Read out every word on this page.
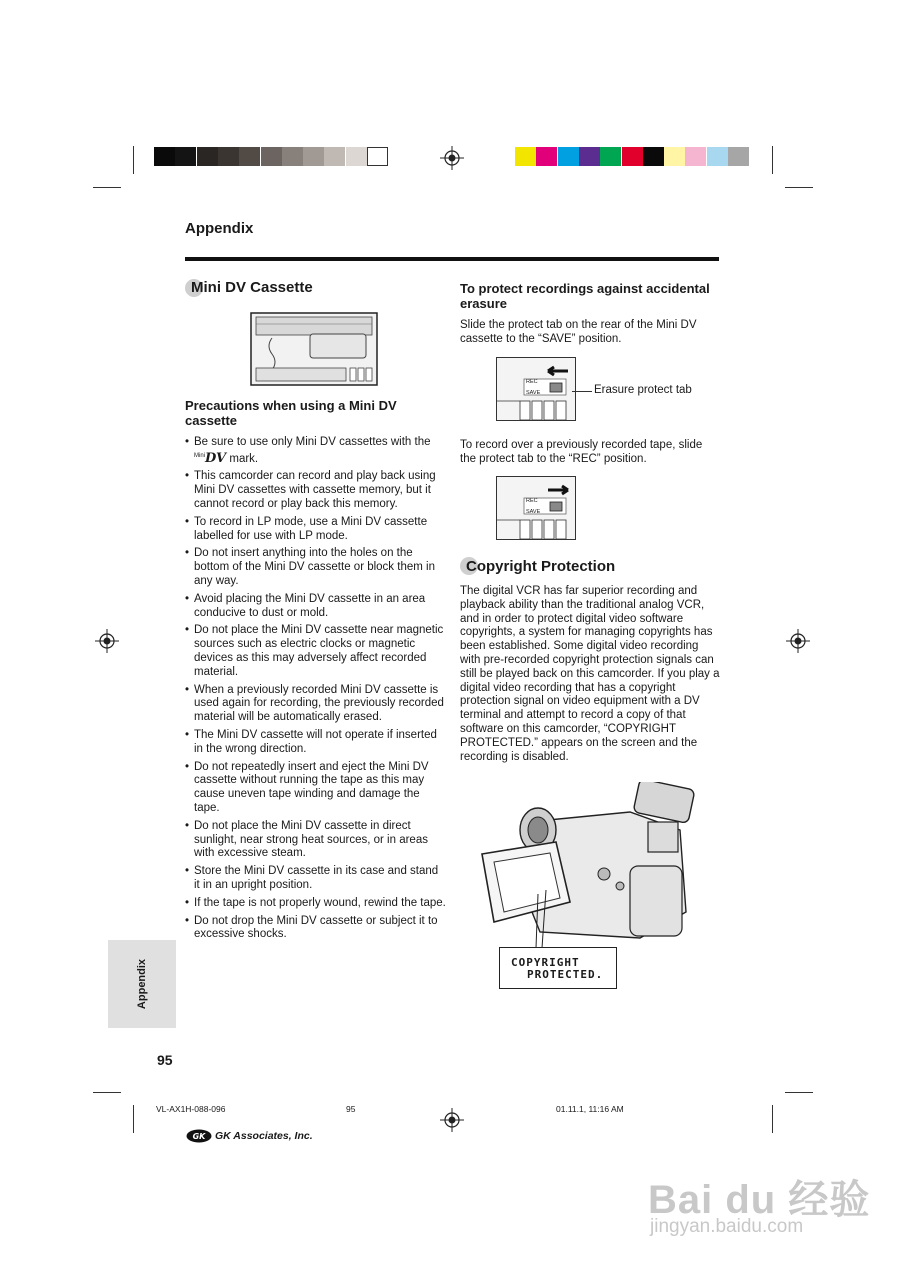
Appendix
Mini DV Cassette
Precautions when using a Mini DV cassette
• Be sure to use only Mini DV cassettes with the
$^{Mini}$DV mark.
• This camcorder can record and play back using Mini DV cassettes with cassette memory, but it cannot record or play back this memory.
• To record in LP mode, use a Mini DV cassette labelled for use with LP mode.
• Do not insert anything into the holes on the bottom of the Mini DV cassette or block them in any way.
• Avoid placing the Mini DV cassette in an area conducive to dust or mold.
• Do not place the Mini DV cassette near magnetic sources such as electric clocks or magnetic devices as this may adversely affect recorded material.
• When a previously recorded Mini DV cassette is used again for recording, the previously recorded material will be automatically erased.
• The Mini DV cassette will not operate if inserted in the wrong direction.
• Do not repeatedly insert and eject the Mini DV cassette without running the tape as this may cause uneven tape winding and damage the tape.
• Do not place the Mini DV cassette in direct sunlight, near strong heat sources, or in areas with excessive steam.
• Store the Mini DV cassette in its case and stand it in an upright position.
• If the tape is not properly wound, rewind the tape.
• Do not drop the Mini DV cassette or subject it to excessive shocks.
To protect recordings against accidental erasure
Slide the protect tab on the rear of the Mini DV cassette to the “SAVE” position.
REC
SAVE	Erasure protect tab
To record over a previously recorded tape, slide the protect tab to the “REC” position.
REC
SAVE
Copyright Protection
The digital VCR has far superior recording and playback ability than the traditional analog VCR, and in order to protect digital video software copyrights, a system for managing copyrights has been established. Some digital video recording with pre-recorded copyright protection signals can still be played back on this camcorder. If you play a digital video recording that has a copyright protection signal on video equipment with a DV terminal and attempt to record a copy of that software on this camcorder, “COPYRIGHT PROTECTED.” appears on the screen and the recording is disabled.
COPYRIGHT
PROTECTED.
Appendix
95
VL-AX1H-088-096	95	01.11.1, 11:16 AM
GK GK Associates, Inc.
Bai du 经验
jingyan.baidu.com
